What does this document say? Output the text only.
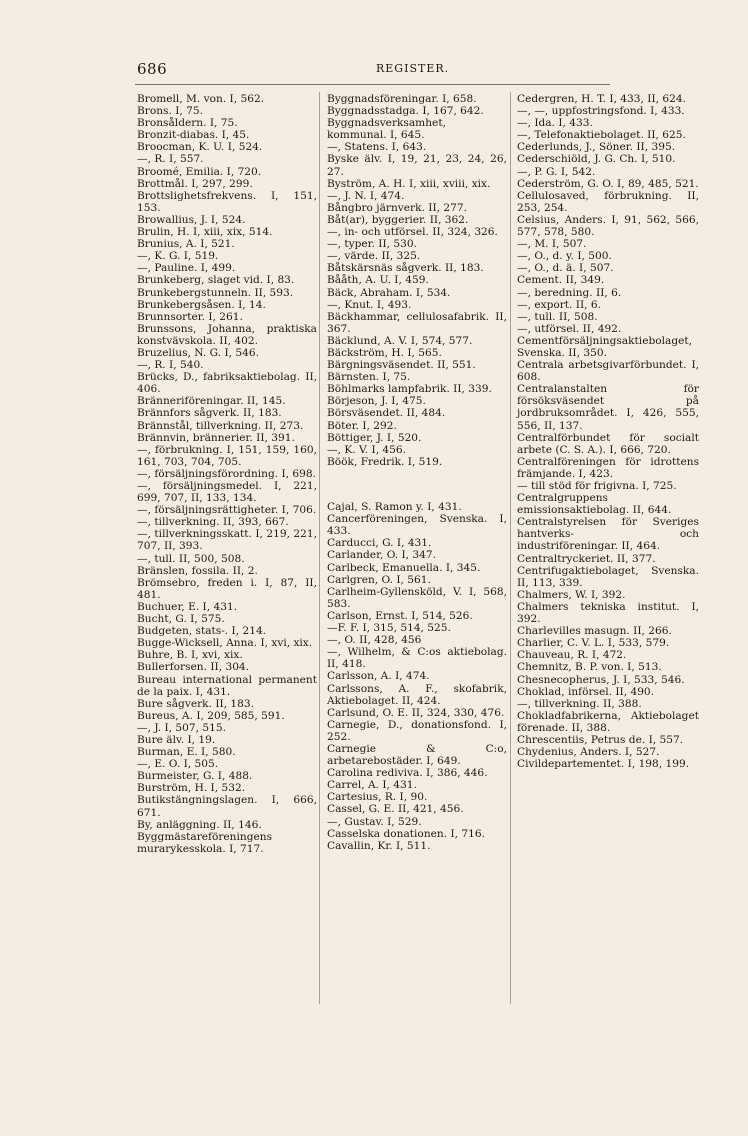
686	REGISTER.

Bromell, M. von. I, 562.

Brons. I, 75.

Bronsåldern. I, 75.

Bronzit-diabas. I, 45.

Broocman, K. U. I, 524.

—, R. I, 557.

Broomé, Emilia. I, 720.

Brottmål. I, 297, 299.

Brottslighetsfrekvens. I, 151, 153.

Browallius, J. I, 524.

Brulin, H. I, xiii, xix, 514.

Brunius, A. I, 521.

—, K. G. I, 519.

—, Pauline. I, 499.

Brunkeberg, slaget vid. I, 83.

Brunkebergstunneln. II, 593.

Brunkebergsåsen. I, 14.

Brunnsorter. I, 261.

Brunssons, Johanna, praktiska konstvävskola. II, 402.

Bruzelius, N. G. I, 546.

—, R. I, 540.

Brücks, D., fabriksaktiebolag. II, 406.

Bränneriföreningar. II, 145.

Brännfors sågverk. II, 183.

Brännstål, tillverkning. II, 273.

Brännvin, brännerier. II, 391.

—, förbrukning. I, 151, 159, 160, 161, 703, 704, 705.

—, försäljningsförordning. I, 698.

—, försäljningsmedel. I, 221, 699, 707, II, 133, 134.

—, försäljningsrättigheter. I, 706.

—, tillverkning. II, 393, 667.

—, tillverkningsskatt. I, 219, 221, 707, II, 393.

—, tull. II, 500, 508.

Bränslen, fossila. II, 2.

Brömsebro, freden i. I, 87, II, 481.

Buchuer, E. I, 431.

Bucht, G. I, 575.

Budgeten, stats-. I, 214.

Bugge-Wicksell, Anna. I, xvi, xix.

Buhre, B. I, xvi, xix.

Bullerforsen. II, 304.

Bureau international permanent de la paix. I, 431.

Bure sågverk. II, 183.

Bureus, A. I, 209, 585, 591.

—, J. I, 507, 515.

Bure älv. I, 19.

Burman, E. I, 580.

—, E. O. I, 505.

Burmeister, G. I, 488.

Burström, H. I, 532.

Butikstängningslagen. I, 666, 671.

By, anläggning. II, 146.

Byggmästareföreningens murarykesskola. I, 717.

Byggnadsföreningar. I, 658.

Byggnadsstadga. I, 167, 642.

Byggnadsverksamhet, kommunal. I, 645.

—, Statens. I, 643.

Byske älv. I, 19, 21, 23, 24, 26, 27.

Byström, A. H. I, xiii, xviii, xix.

—, J. N. I, 474.

Bångbro järnverk. II, 277.

Båt(ar), byggerier. II, 362.

—, in- och utförsel. II, 324, 326.

—, typer. II, 530.

—, värde. II, 325.

Båtskärsnäs sågverk. II, 183.

Bååth, A. U. I, 459.

Bäck, Abraham. I, 534.

—, Knut. I, 493.

Bäckhammar, cellulosafabrik. II, 367.

Bäcklund, A. V. I, 574, 577.

Bäckström, H. I, 565.

Bärgningsväsendet. II, 551.

Bärnsten. I, 75.

Böhlmarks lampfabrik. II, 339.

Börjeson, J. I, 475.

Börsväsendet. II, 484.

Böter. I, 292.

Böttiger, J. I, 520.

—, K. V. I, 456.

Böök, Fredrik. I, 519.

Cajal, S. Ramon y. I, 431.

Cancerföreningen, Svenska. I, 433.

Carducci, G. I, 431.

Carlander, O. I, 347.

Carlbeck, Emanuella. I, 345.

Carlgren, O. I, 561.

Carlheim-Gyllensköld, V. I, 568, 583.

Carlson, Ernst. I, 514, 526.

—F. F. I, 315, 514, 525.

—, O. II, 428, 456

—, Wilhelm, & C:os aktiebolag. II, 418.

Carlsson, A. I, 474.

Carlssons, A. F., skofabrik, Aktiebolaget. II, 424.

Carlsund, O. E. II, 324, 330, 476.

Carnegie, D., donationsfond. I, 252.

Carnegie & C:o, arbetarebostäder. I, 649.

Carolina rediviva. I, 386, 446.

Carrel, A. I, 431.

Cartesius, R. I, 90.

Cassel, G. E. II, 421, 456.

—, Gustav. I, 529.

Casselska donationen. I, 716.

Cavallin, Kr. I, 511.

Cedergren, H. T. I, 433, II, 624.

—, —, uppfostringsfond. I, 433.

—, Ida. I, 433.

—, Telefonaktiebolaget. II, 625.

Cederlunds, J., Söner. II, 395.

Cederschiöld, J. G. Ch. I, 510.

—, P. G. I, 542.

Cederström, G. O. I, 89, 485, 521.

Cellulosaved, förbrukning. II, 253, 254.

Celsius, Anders. I, 91, 562, 566, 577, 578, 580.

—, M. I, 507.

—, O., d. y. I, 500.

—, O., d. ä. I, 507.

Cement. II, 349.

—, beredning. II, 6.

—, export. II, 6.

—, tull. II, 508.

—, utförsel. II, 492.

Cementförsäljningsaktiebolaget, Svenska. II, 350.

Centrala arbetsgivarförbundet. I, 608.

Centralanstalten för försöksväsendet på jordbruksområdet. I, 426, 555, 556, II, 137.

Centralförbundet för socialt arbete (C. S. A.). I, 666, 720.

Centralföreningen för idrottens främjande. I, 423.

— till stöd för frigivna. I, 725.

Centralgruppens emissionsaktiebolag. II, 644.

Centralstyrelsen för Sveriges hantverks- och industriföreningar. II, 464.

Centraltryckeriet. II, 377.

Centrifugaktiebolaget, Svenska. II, 113, 339.

Chalmers, W. I, 392.

Chalmers tekniska institut. I, 392.

Charlevilles masugn. II, 266.

Charlier, C. V. L. I, 533, 579.

Chauveau, R. I, 472.

Chemnitz, B. P. von. I, 513.

Chesnecopherus, J. I, 533, 546.

Choklad, införsel. II, 490.

—, tillverkning. II, 388.

Chokladfabrikerna, Aktiebolaget förenade. II, 388.

Chrescentiis, Petrus de. I, 557.

Chydenius, Anders. I, 527.

Civildepartementet. I, 198, 199.
